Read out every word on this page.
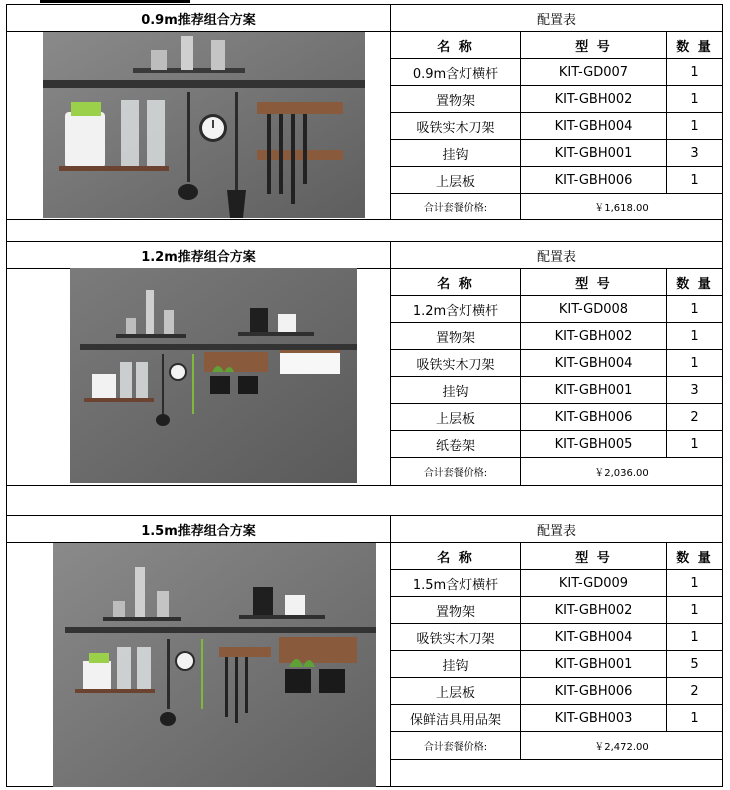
0.9m推荐组合方案	配置表
名 称	型 号	数 量
0.9m含灯横杆	KIT-GD007	1
置物架	KIT-GBH002	1
吸铁实木刀架	KIT-GBH004	1
挂钩	KIT-GBH001	3
上层板	KIT-GBH006	1
合计套餐价格:	￥1,618.00
1.2m推荐组合方案	配置表
名 称	型 号	数 量
1.2m含灯横杆	KIT-GD008	1
置物架	KIT-GBH002	1
吸铁实木刀架	KIT-GBH004	1
挂钩	KIT-GBH001	3
上层板	KIT-GBH006	2
纸卷架	KIT-GBH005	1
合计套餐价格:	￥2,036.00
1.5m推荐组合方案	配置表
名 称	型 号	数 量
1.5m含灯横杆	KIT-GD009	1
置物架	KIT-GBH002	1
吸铁实木刀架	KIT-GBH004	1
挂钩	KIT-GBH001	5
上层板	KIT-GBH006	2
保鲜洁具用品架	KIT-GBH003	1
合计套餐价格:	￥2,472.00
